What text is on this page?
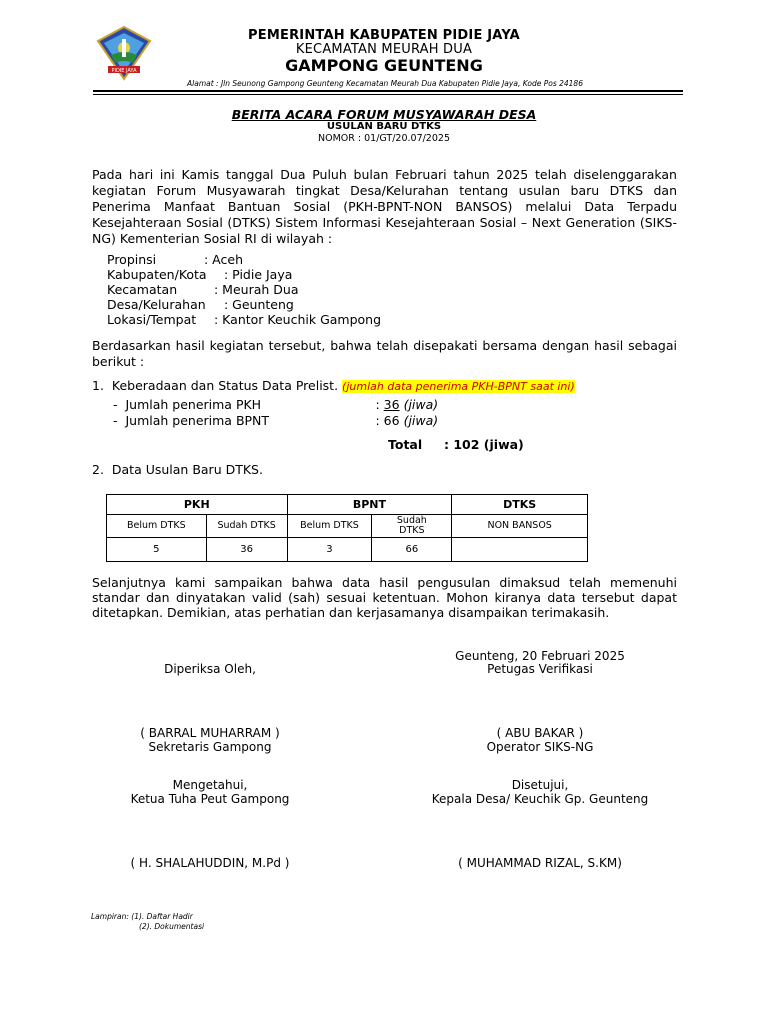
PIDIE JAYA
PEMERINTAH KABUPATEN PIDIE JAYA
KECAMATAN MEURAH DUA
GAMPONG GEUNTENG
Alamat : Jln Seunong Gampong Geunteng Kecamatan Meurah Dua Kabupaten Pidie Jaya, Kode Pos 24186
BERITA ACARA FORUM MUSYAWARAH DESA
USULAN BARU DTKS
NOMOR : 01/GT/20.07/2025
Pada hari ini Kamis tanggal Dua Puluh bulan Februari tahun 2025 telah diselenggarakan kegiatan Forum Musyawarah tingkat Desa/Kelurahan tentang usulan baru DTKS dan Penerima Manfaat Bantuan Sosial (PKH-BPNT-NON BANSOS) melalui Data Terpadu Kesejahteraan Sosial (DTKS) Sistem Informasi Kesejahteraan Sosial – Next Generation (SIKS-NG) Kementerian Sosial RI di wilayah :
Propinsi	: Aceh
Kabupaten/Kota : Pidie Jaya
Kecamatan	: Meurah Dua
Desa/Kelurahan : Geunteng
Lokasi/Tempat : Kantor Keuchik Gampong
Berdasarkan hasil kegiatan tersebut, bahwa telah disepakati bersama dengan hasil sebagai berikut :
1. Keberadaan dan Status Data Prelist. (jumlah data penerima PKH-BPNT saat ini)
- Jumlah penerima PKH	: 36 (jiwa)
- Jumlah penerima BPNT	: 66 (jiwa)
Total : 102 (jiwa)
2. Data Usulan Baru DTKS.
PKH		BPNT		DTKS
Belum DTKS	Sudah DTKS	Belum DTKS	Sudah DTKS	NON BANSOS
5	36	3	66	
Selanjutnya kami sampaikan bahwa data hasil pengusulan dimaksud telah memenuhi standar dan dinyatakan valid (sah) sesuai ketentuan. Mohon kiranya data tersebut dapat ditetapkan. Demikian, atas perhatian dan kerjasamanya disampaikan terimakasih.
Geunteng, 20 Februari 2025
Diperiksa Oleh,	Petugas Verifikasi
( BARRAL MUHARRAM )
Sekretaris Gampong
( ABU BAKAR )
Operator SIKS-NG
Mengetahui,
Ketua Tuha Peut Gampong
Disetujui,
Kepala Desa/ Keuchik Gp. Geunteng
( H. SHALAHUDDIN, M.Pd )	( MUHAMMAD RIZAL, S.KM)
Lampiran: (1). Daftar Hadir
(2). Dokumentasi
